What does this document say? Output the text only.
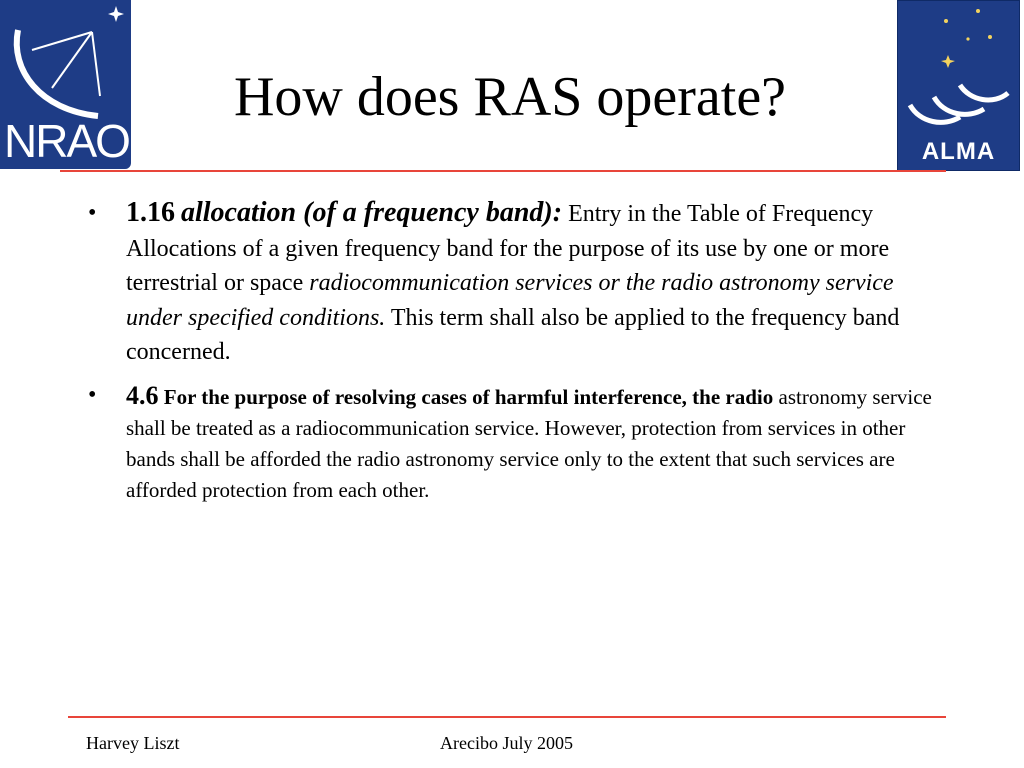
NRAO	ALMA
How does RAS operate?
• 1.16 allocation (of a frequency band): Entry in the Table of Frequency Allocations of a given frequency band for the purpose of its use by one or more terrestrial or space radiocommunication services or the radio astronomy service under specified conditions. This term shall also be applied to the frequency band concerned.
• 4.6 For the purpose of resolving cases of harmful interference, the radio astronomy service shall be treated as a radiocommunication service. However, protection from services in other bands shall be afforded the radio astronomy service only to the extent that such services are afforded protection from each other.
Harvey Liszt	Arecibo July 2005
